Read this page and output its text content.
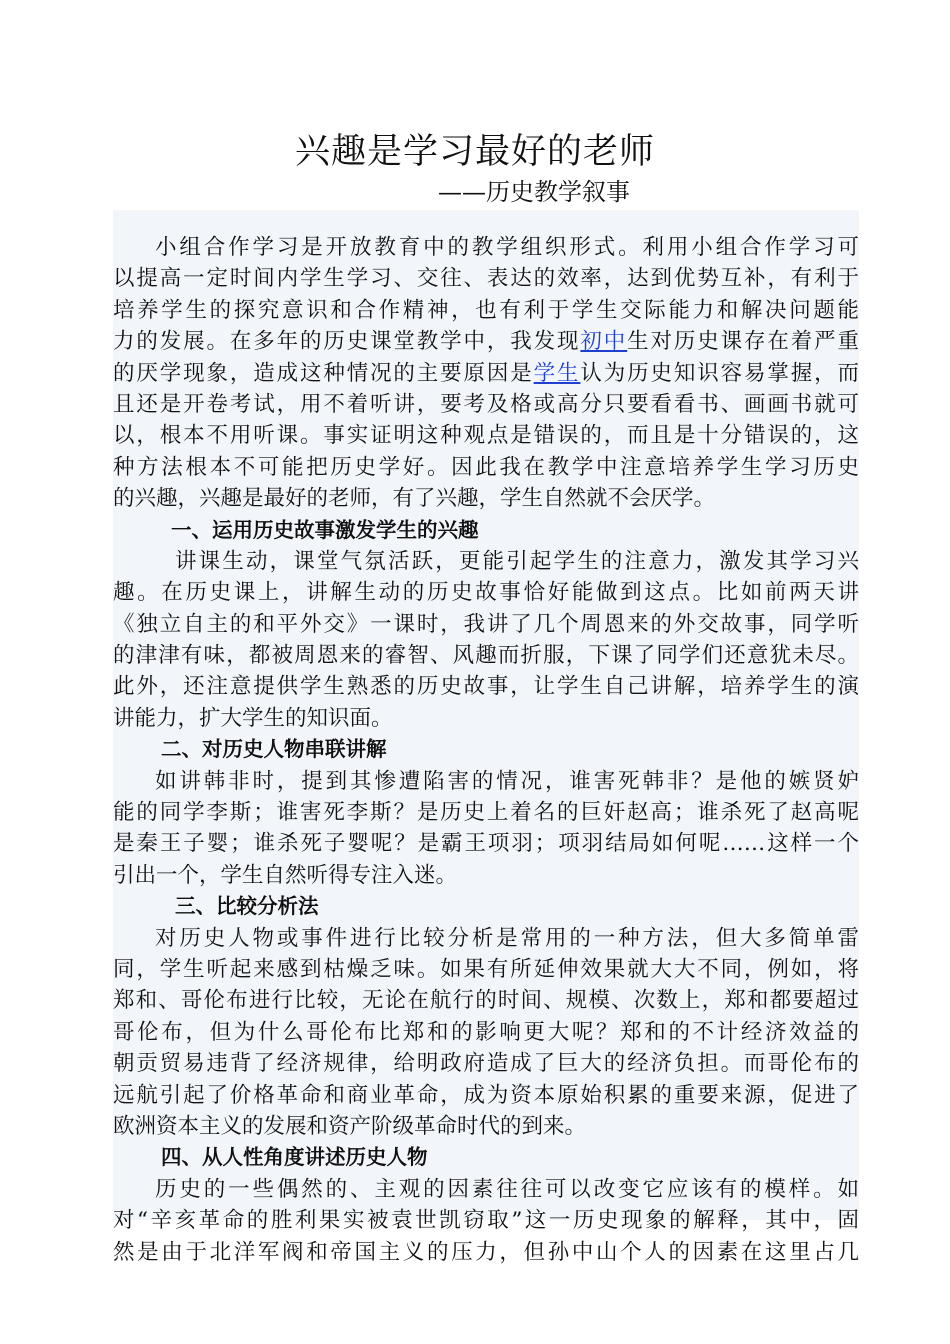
兴趣是学习最好的老师
——历史教学叙事
小组合作学习是开放教育中的教学组织形式。利用小组合作学习可
以提高一定时间内学生学习、交往、表达的效率，达到优势互补，有利于
培养学生的探究意识和合作精神，也有利于学生交际能力和解决问题能
力的发展。在多年的历史课堂教学中，我发现初中生对历史课存在着严重
的厌学现象，造成这种情况的主要原因是学生认为历史知识容易掌握，而
且还是开卷考试，用不着听讲，要考及格或高分只要看看书、画画书就可
以，根本不用听课。事实证明这种观点是错误的，而且是十分错误的，这
种方法根本不可能把历史学好。因此我在教学中注意培养学生学习历史
的兴趣，兴趣是最好的老师，有了兴趣，学生自然就不会厌学。
一、运用历史故事激发学生的兴趣
讲课生动，课堂气氛活跃，更能引起学生的注意力，激发其学习兴
趣。在历史课上，讲解生动的历史故事恰好能做到这点。比如前两天讲
《独立自主的和平外交》一课时，我讲了几个周恩来的外交故事，同学听
的津津有味，都被周恩来的睿智、风趣而折服，下课了同学们还意犹未尽。
此外，还注意提供学生熟悉的历史故事，让学生自己讲解，培养学生的演
讲能力，扩大学生的知识面。
二、对历史人物串联讲解
如讲韩非时，提到其惨遭陷害的情况，谁害死韩非？是他的嫉贤妒
能的同学李斯；谁害死李斯？是历史上着名的巨奸赵高；谁杀死了赵高呢
是秦王子婴；谁杀死子婴呢？是霸王项羽；项羽结局如何呢……这样一个
引出一个，学生自然听得专注入迷。
三、比较分析法
对历史人物或事件进行比较分析是常用的一种方法，但大多简单雷
同，学生听起来感到枯燥乏味。如果有所延伸效果就大大不同，例如，将
郑和、哥伦布进行比较，无论在航行的时间、规模、次数上，郑和都要超过
哥伦布，但为什么哥伦布比郑和的影响更大呢？郑和的不计经济效益的
朝贡贸易违背了经济规律，给明政府造成了巨大的经济负担。而哥伦布的
远航引起了价格革命和商业革命，成为资本原始积累的重要来源，促进了
欧洲资本主义的发展和资产阶级革命时代的到来。
四、从人性角度讲述历史人物
历史的一些偶然的、主观的因素往往可以改变它应该有的模样。如
对“辛亥革命的胜利果实被袁世凯窃取”这一历史现象的解释，其中，固
然是由于北洋军阀和帝国主义的压力，但孙中山个人的因素在这里占几
